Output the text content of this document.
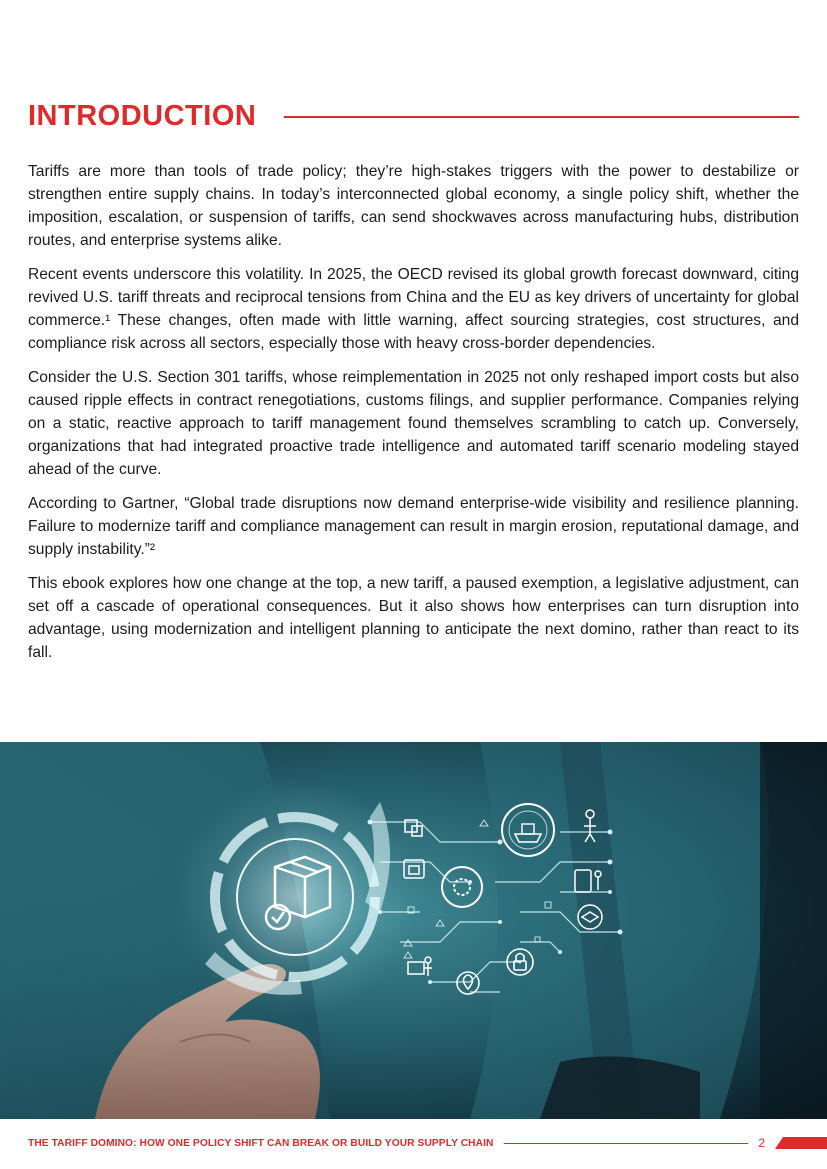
INTRODUCTION

Tariffs are more than tools of trade policy; they’re high-stakes triggers with the power to destabilize or strengthen entire supply chains. In today’s interconnected global economy, a single policy shift, whether the imposition, escalation, or suspension of tariffs, can send shockwaves across manufacturing hubs, distribution routes, and enterprise systems alike.

Recent events underscore this volatility. In 2025, the OECD revised its global growth forecast downward, citing revived U.S. tariff threats and reciprocal tensions from China and the EU as key drivers of uncertainty for global commerce.¹ These changes, often made with little warning, affect sourcing strategies, cost structures, and compliance risk across all sectors, especially those with heavy cross-border dependencies.

Consider the U.S. Section 301 tariffs, whose reimplementation in 2025 not only reshaped import costs but also caused ripple effects in contract renegotiations, customs filings, and supplier performance. Companies relying on a static, reactive approach to tariff management found themselves scrambling to catch up. Conversely, organizations that had integrated proactive trade intelligence and automated tariff scenario modeling stayed ahead of the curve.

According to Gartner, “Global trade disruptions now demand enterprise-wide visibility and resilience planning. Failure to modernize tariff and compliance management can result in margin erosion, reputational damage, and supply instability.”²

This ebook explores how one change at the top, a new tariff, a paused exemption, a legislative adjustment, can set off a cascade of operational consequences. But it also shows how enterprises can turn disruption into advantage, using modernization and intelligent planning to anticipate the next domino, rather than react to its fall.

THE TARIFF DOMINO: HOW ONE POLICY SHIFT CAN BREAK OR BUILD YOUR SUPPLY CHAIN	2
